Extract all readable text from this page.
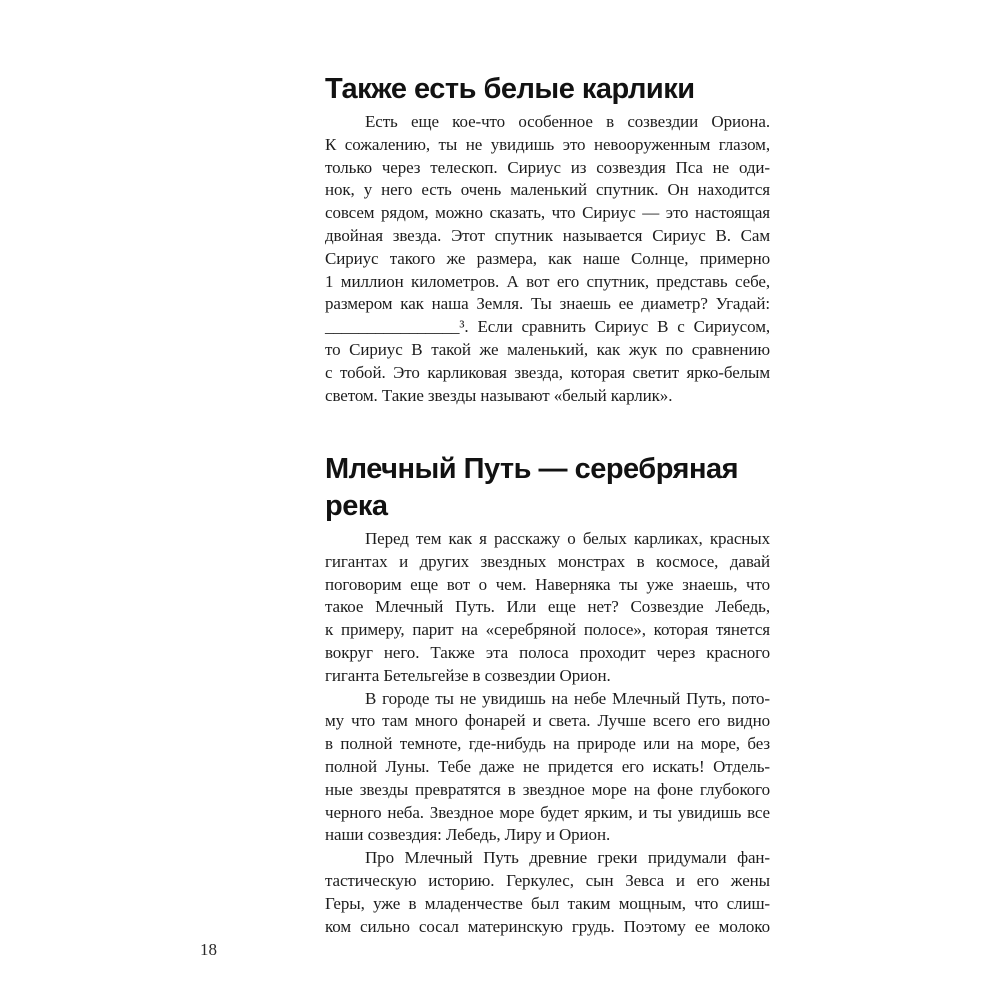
Также есть белые карлики
Есть еще кое-что особенное в созвездии Ориона.
К сожалению, ты не увидишь это невооруженным глазом,
только через телескоп. Сириус из созвездия Пса не оди-
нок, у него есть очень маленький спутник. Он находится
совсем рядом, можно сказать, что Сириус — это настоящая
двойная звезда. Этот спутник называется Сириус В. Сам
Сириус такого же размера, как наше Солнце, примерно
1 миллион километров. А вот его спутник, представь себе,
размером как наша Земля. Ты знаешь ее диаметр? Угадай:
________________³. Если сравнить Сириус В с Сириусом,
то Сириус В такой же маленький, как жук по сравнению
с тобой. Это карликовая звезда, которая светит ярко-белым
светом. Такие звезды называют «белый карлик».
Млечный Путь — серебряная
река
Перед тем как я расскажу о белых карликах, красных
гигантах и других звездных монстрах в космосе, давай
поговорим еще вот о чем. Наверняка ты уже знаешь, что
такое Млечный Путь. Или еще нет? Созвездие Лебедь,
к примеру, парит на «серебряной полосе», которая тянется
вокруг него. Также эта полоса проходит через красного
гиганта Бетельгейзе в созвездии Орион.
В городе ты не увидишь на небе Млечный Путь, пото-
му что там много фонарей и света. Лучше всего его видно
в полной темноте, где-нибудь на природе или на море, без
полной Луны. Тебе даже не придется его искать! Отдель-
ные звезды превратятся в звездное море на фоне глубокого
черного неба. Звездное море будет ярким, и ты увидишь все
наши созвездия: Лебедь, Лиру и Орион.
Про Млечный Путь древние греки придумали фан-
тастическую историю. Геркулес, сын Зевса и его жены
Геры, уже в младенчестве был таким мощным, что слиш-
ком сильно сосал материнскую грудь. Поэтому ее молоко
18
